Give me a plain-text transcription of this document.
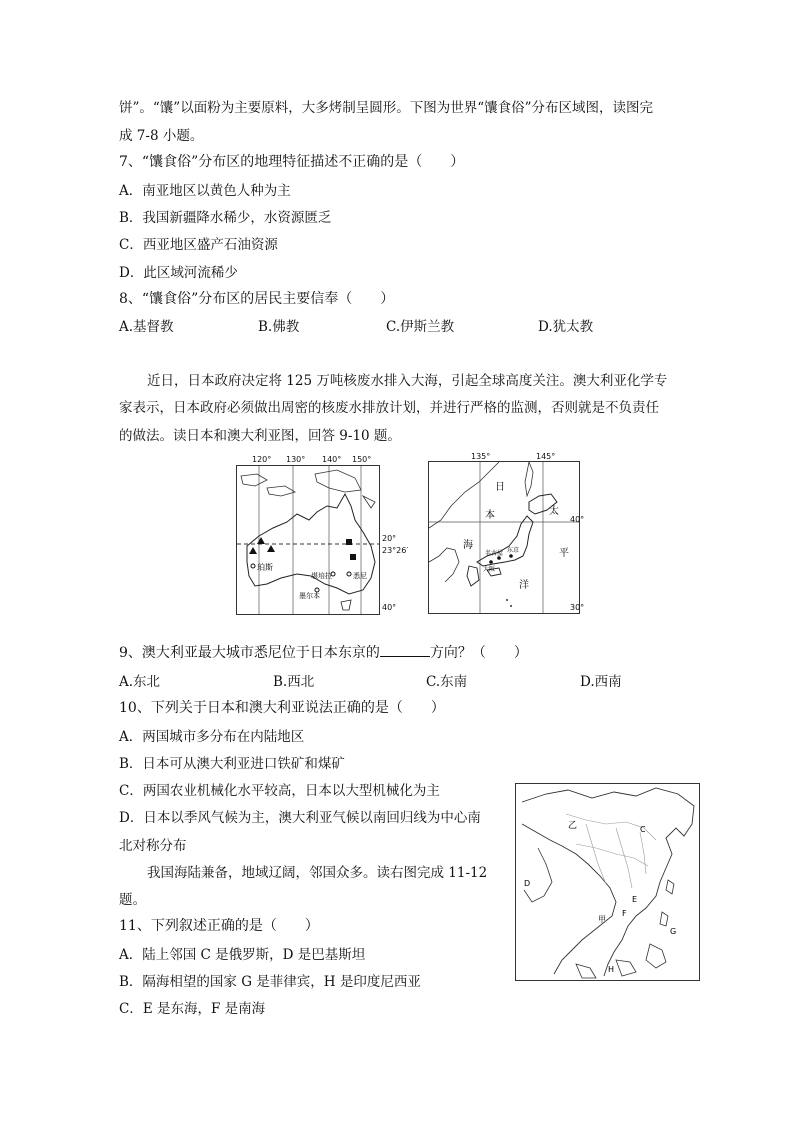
饼”。“馕”以面粉为主要原料，大多烤制呈圆形。下图为世界“馕食俗”分布区域图，读图完
成 7-8 小题。
7、“馕食俗”分布区的地理特征描述不正确的是（　　）
A．南亚地区以黄色人种为主
B．我国新疆降水稀少，水资源匮乏
C．西亚地区盛产石油资源
D．此区域河流稀少
8、“馕食俗”分布区的居民主要信奉（　　）
A.基督教	B.佛教	C.伊斯兰教	D.犹太教
近日，日本政府决定将 125 万吨核废水排入大海，引起全球高度关注。澳大利亚化学专
家表示，日本政府必须做出周密的核废水排放计划，并进行严格的监测，否则就是不负责任
的做法。读日本和澳大利亚图，回答 9-10 题。
珀斯
堪培拉	悉尼
墨尔本
120° 130° 140° 150°
20°
23°26′
40°
东京
名古屋
大阪
日
本	太
海
平
洋
135°	145°
40°
30°
9、澳大利亚最大城市悉尼位于日本东京的	方向？（　　）
A.东北	B.西北	C.东南	D.西南
10、下列关于日本和澳大利亚说法正确的是（　　）
A．两国城市多分布在内陆地区
B．日本可从澳大利亚进口铁矿和煤矿
C．两国农业机械化水平较高，日本以大型机械化为主
D．日本以季风气候为主，澳大利亚气候以南回归线为中心南
北对称分布
乙
甲
C
D
E
F
G
H
我国海陆兼备，地域辽阔，邻国众多。读右图完成 11-12
题。
11、下列叙述正确的是（　　）
A．陆上邻国 C 是俄罗斯，D 是巴基斯坦
B．隔海相望的国家 G 是菲律宾，H 是印度尼西亚
C．E 是东海，F 是南海
